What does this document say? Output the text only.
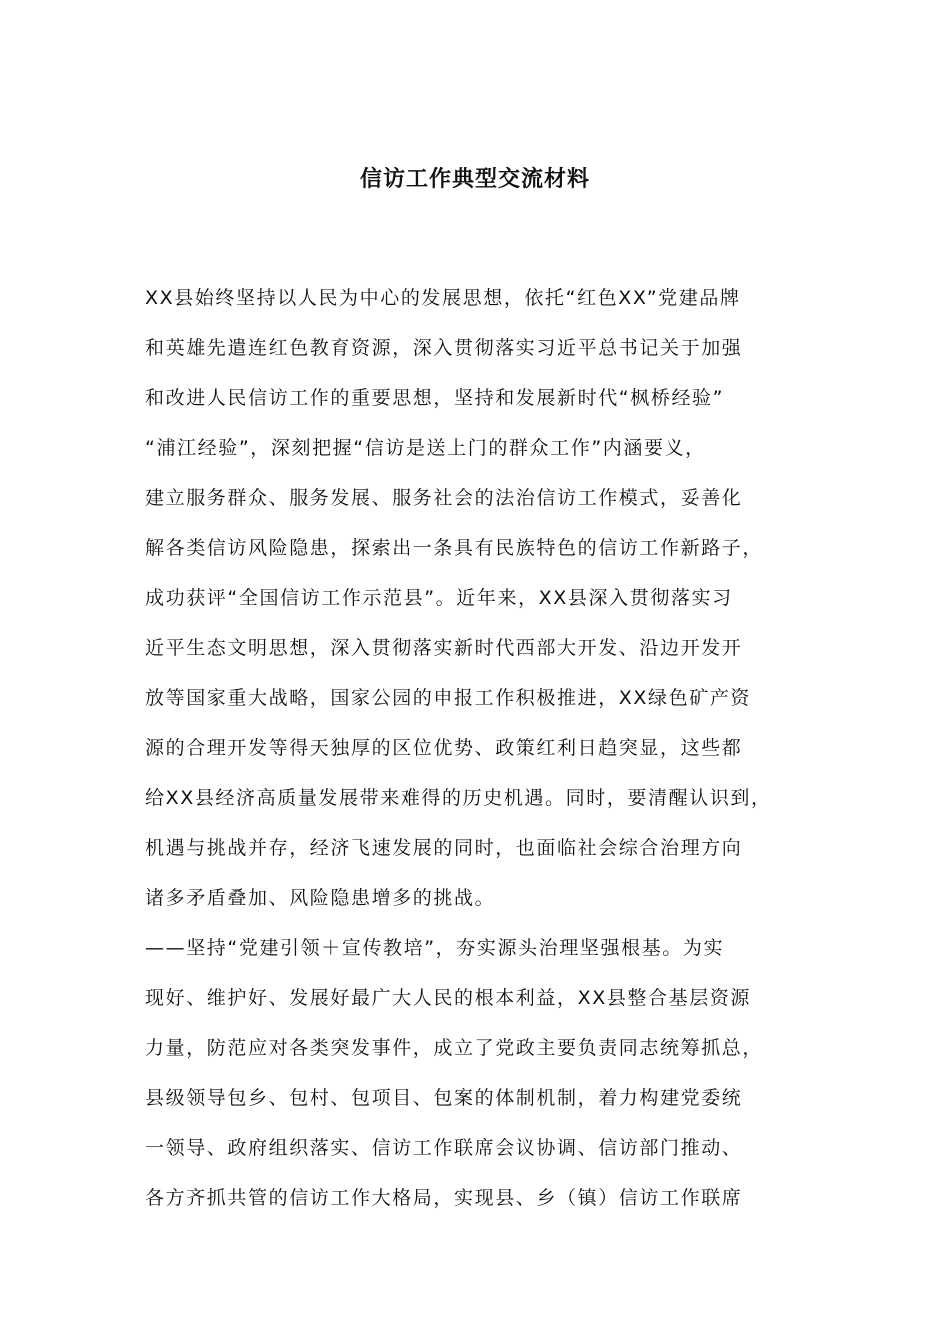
信访工作典型交流材料
XX县始终坚持以人民为中心的发展思想，依托“红色XX”党建品牌
和英雄先遣连红色教育资源，深入贯彻落实习近平总书记关于加强
和改进人民信访工作的重要思想，坚持和发展新时代“枫桥经验”
“浦江经验”，深刻把握“信访是送上门的群众工作”内涵要义，
建立服务群众、服务发展、服务社会的法治信访工作模式，妥善化
解各类信访风险隐患，探索出一条具有民族特色的信访工作新路子，
成功获评“全国信访工作示范县”。近年来，XX县深入贯彻落实习
近平生态文明思想，深入贯彻落实新时代西部大开发、沿边开发开
放等国家重大战略，国家公园的申报工作积极推进，XX绿色矿产资
源的合理开发等得天独厚的区位优势、政策红利日趋突显，这些都
给XX县经济高质量发展带来难得的历史机遇。同时，要清醒认识到，
机遇与挑战并存，经济飞速发展的同时，也面临社会综合治理方向
诸多矛盾叠加、风险隐患增多的挑战。
——坚持“党建引领＋宣传教培”，夯实源头治理坚强根基。为实
现好、维护好、发展好最广大人民的根本利益，XX县整合基层资源
力量，防范应对各类突发事件，成立了党政主要负责同志统筹抓总，
县级领导包乡、包村、包项目、包案的体制机制，着力构建党委统
一领导、政府组织落实、信访工作联席会议协调、信访部门推动、
各方齐抓共管的信访工作大格局，实现县、乡（镇）信访工作联席
